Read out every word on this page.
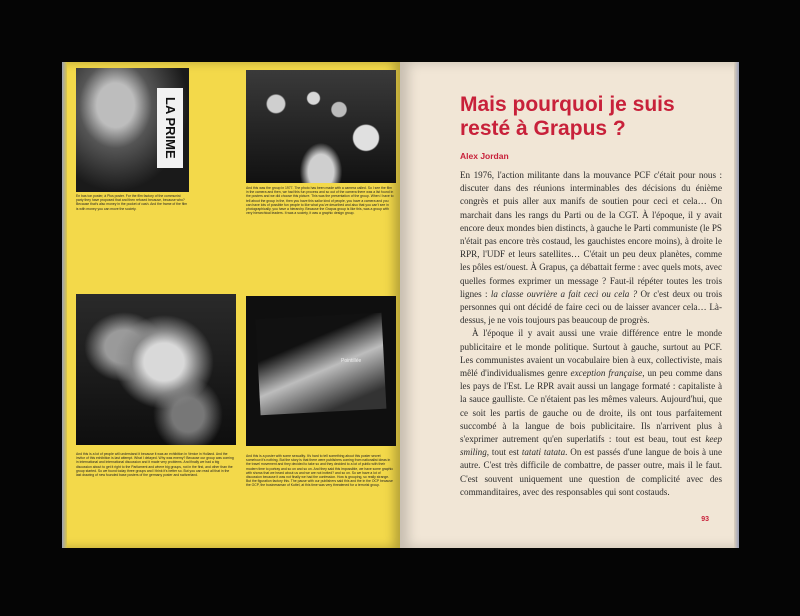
LA PRIME
En bas ton poster, à Plus poster. For the film factory of the communist party they have proposed that and then refused because, because who? Because that's also money in the pocket of cash. And the frame of the film is with money you can move the society.
And this was the group in 1977. The photo has been made with a camera called. So I see the film in the camera and then, we had this fun process and so out of the camera there was a list found in the posters and we did choose this picture. This was the presentation of the group. When I have to tell about the group in the, then you have this sailor kind of people, you have a camera and you can have lots of possible fun people to like what you've described and also that you can't see in photographically, you have a hierarchy. Because the Grapus group is like this, was a group with very hierarchical leaders. It was a society, it was a graphic design group.
Pointillée
And this is a lot of people will understand it because it was an exhibition in Venice in Holland. And the invitor of this exhibition is last attempt. What I delayed. Why was enemy? Because our group was coming in international and international discussion and it made very problems. And finally we had a big discussion about to get it right to the Parliament and where big groups, not in the first, and other than the group started. So we found today three groups and I think it's better so. But you can read all that in the last drawing of new founded base posters of the germany poster and switzerland.
And this is a poster with some sexuality. It's hard to tell something about this poster secret somehow it's nothing. But the story is that there were publishers coming from nationalist ideas in the travel movement and they decided to take so and they decided to a lot of public with their modern time to portray and so on and so on. And they said this impossible, we have some graphic with shows that we heard about us and we are not invited? and so on. So we have a lot of discussion because it was not finally we had the confession. How is grouping, so really strange. But the figuration factory this. The pause with our publishers said this and the in the OCP because the OCP, the businessman of Kuttel, at this time was very threatened for a terrorist group.
Mais pourquoi je suis resté à Grapus ?
Alex Jordan

En 1976, l'action militante dans la mouvance PCF c'était pour nous : discuter dans des réunions interminables des décisions du énième congrès et puis aller aux manifs de soutien pour ceci et cela… On marchait dans les rangs du Parti ou de la CGT. À l'époque, il y avait encore deux mondes bien distincts, à gauche le Parti communiste (le PS n'était pas encore très costaud, les gauchistes encore moins), à droite le RPR, l'UDF et leurs satellites… C'était un peu deux planètes, comme les pôles est/ouest. À Grapus, ça débattait ferme : avec quels mots, avec quelles formes exprimer un message ? Faut-il répéter toutes les trois lignes : la classe ouvrière a fait ceci ou cela ? Or c'est deux ou trois personnes qui ont décidé de faire ceci ou de laisser avancer cela… Là-dessus, je ne vois toujours pas beaucoup de progrès.

À l'époque il y avait aussi une vraie différence entre le monde publicitaire et le monde politique. Surtout à gauche, surtout au PCF. Les communistes avaient un vocabulaire bien à eux, collectiviste, mais mêlé d'individualismes genre exception française, un peu comme dans les pays de l'Est. Le RPR avait aussi un langage formaté : capitaliste à la sauce gaulliste. Ce n'étaient pas les mêmes valeurs. Aujourd'hui, que ce soit les partis de gauche ou de droite, ils ont tous parfaitement succombé à la langue de bois publicitaire. Ils n'arrivent plus à s'exprimer autrement qu'en superlatifs : tout est beau, tout est keep smiling, tout est tatati tatata. On est passés d'une langue de bois à une autre. C'est très difficile de combattre, de passer outre, mais il le faut. C'est souvent uniquement une question de complicité avec des commanditaires, avec des responsables qui sont costauds.

93
